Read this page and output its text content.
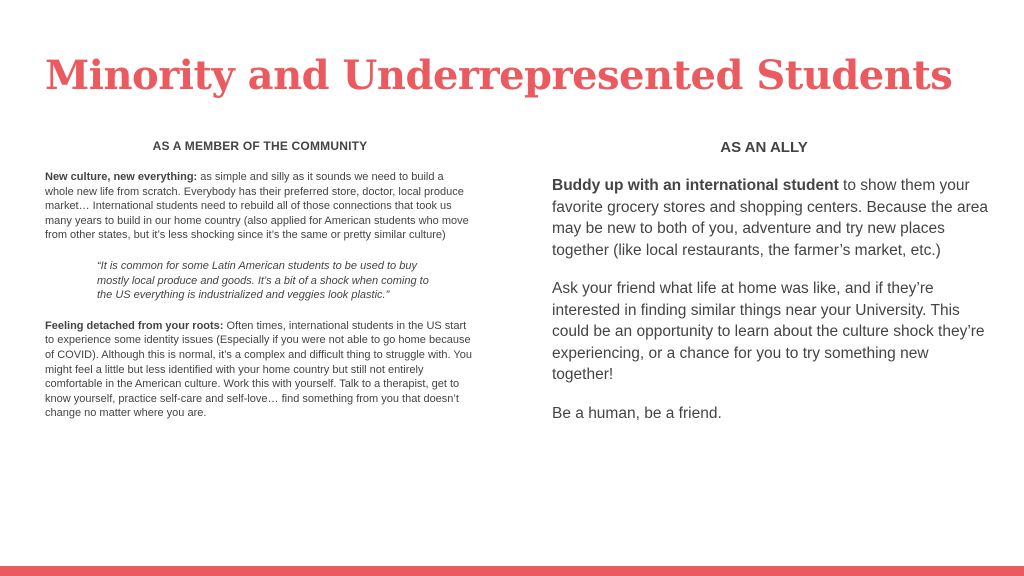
Minority and Underrepresented Students
AS A MEMBER OF THE COMMUNITY

New culture, new everything: as simple and silly as it sounds we need to build a whole new life from scratch. Everybody has their preferred store, doctor, local produce market… International students need to rebuild all of those connections that took us many years to build in our home country (also applied for American students who move from other states, but it’s less shocking since it’s the same or pretty similar culture)

“It is common for some Latin American students to be used to buy mostly local produce and goods. It’s a bit of a shock when coming to the US everything is industrialized and veggies look plastic.”

Feeling detached from your roots: Often times, international students in the US start to experience some identity issues (Especially if you were not able to go home because of COVID). Although this is normal, it’s a complex and difficult thing to struggle with. You might feel a little but less identified with your home country but still not entirely comfortable in the American culture. Work this with yourself. Talk to a therapist, get to know yourself, practice self-care and self-love… find something from you that doesn’t change no matter where you are.

AS AN ALLY

Buddy up with an international student to show them your favorite grocery stores and shopping centers. Because the area may be new to both of you, adventure and try new places together (like local restaurants, the farmer’s market, etc.)

Ask your friend what life at home was like, and if they’re interested in finding similar things near your University. This could be an opportunity to learn about the culture shock they’re experiencing, or a chance for you to try something new together!

Be a human, be a friend.
